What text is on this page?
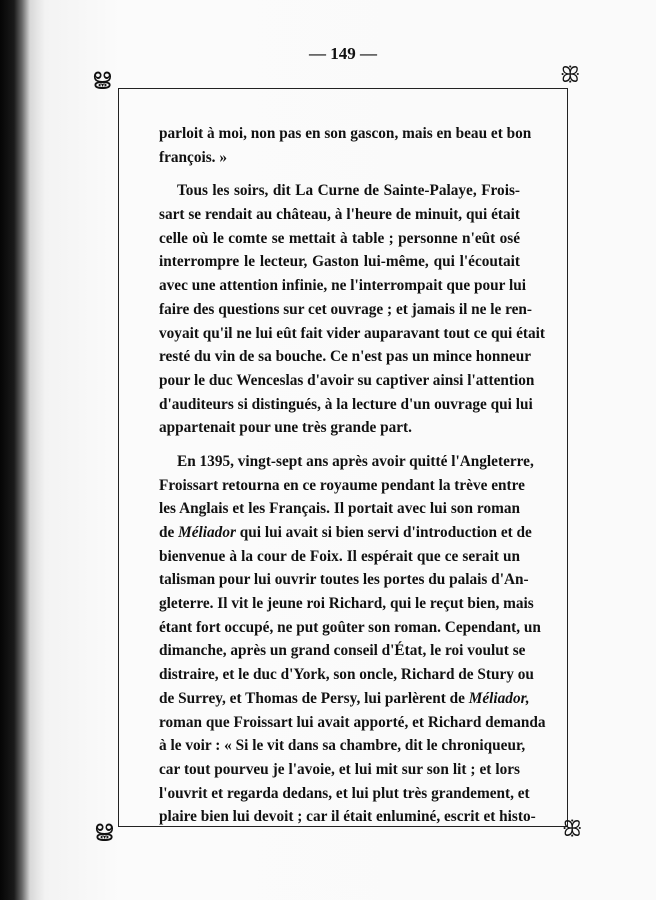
— 149 —
ൠ	ꕥ
ൠ	ꕥ
parloit à moi, non pas en son gascon, mais en beau et bon
françois. »
Tous les soirs, dit La Curne de Sainte-Palaye, Frois-
sart se rendait au château, à l'heure de minuit, qui était
celle où le comte se mettait à table ; personne n'eût osé
interrompre le lecteur, Gaston lui-même, qui l'écoutait
avec une attention infinie, ne l'interrompait que pour lui
faire des questions sur cet ouvrage ; et jamais il ne le ren-
voyait qu'il ne lui eût fait vider auparavant tout ce qui était
resté du vin de sa bouche. Ce n'est pas un mince honneur
pour le duc Wenceslas d'avoir su captiver ainsi l'attention
d'auditeurs si distingués, à la lecture d'un ouvrage qui lui
appartenait pour une très grande part.
En 1395, vingt-sept ans après avoir quitté l'Angleterre,
Froissart retourna en ce royaume pendant la trève entre
les Anglais et les Français. Il portait avec lui son roman
de Méliador qui lui avait si bien servi d'introduction et de
bienvenue à la cour de Foix. Il espérait que ce serait un
talisman pour lui ouvrir toutes les portes du palais d'An-
gleterre. Il vit le jeune roi Richard, qui le reçut bien, mais
étant fort occupé, ne put goûter son roman. Cependant, un
dimanche, après un grand conseil d'État, le roi voulut se
distraire, et le duc d'York, son oncle, Richard de Stury ou
de Surrey, et Thomas de Persy, lui parlèrent de Méliador,
roman que Froissart lui avait apporté, et Richard demanda
à le voir : « Si le vit dans sa chambre, dit le chroniqueur,
car tout pourveu je l'avoie, et lui mit sur son lit ; et lors
l'ouvrit et regarda dedans, et lui plut très grandement, et
plaire bien lui devoit ; car il était enluminé, escrit et histo-
